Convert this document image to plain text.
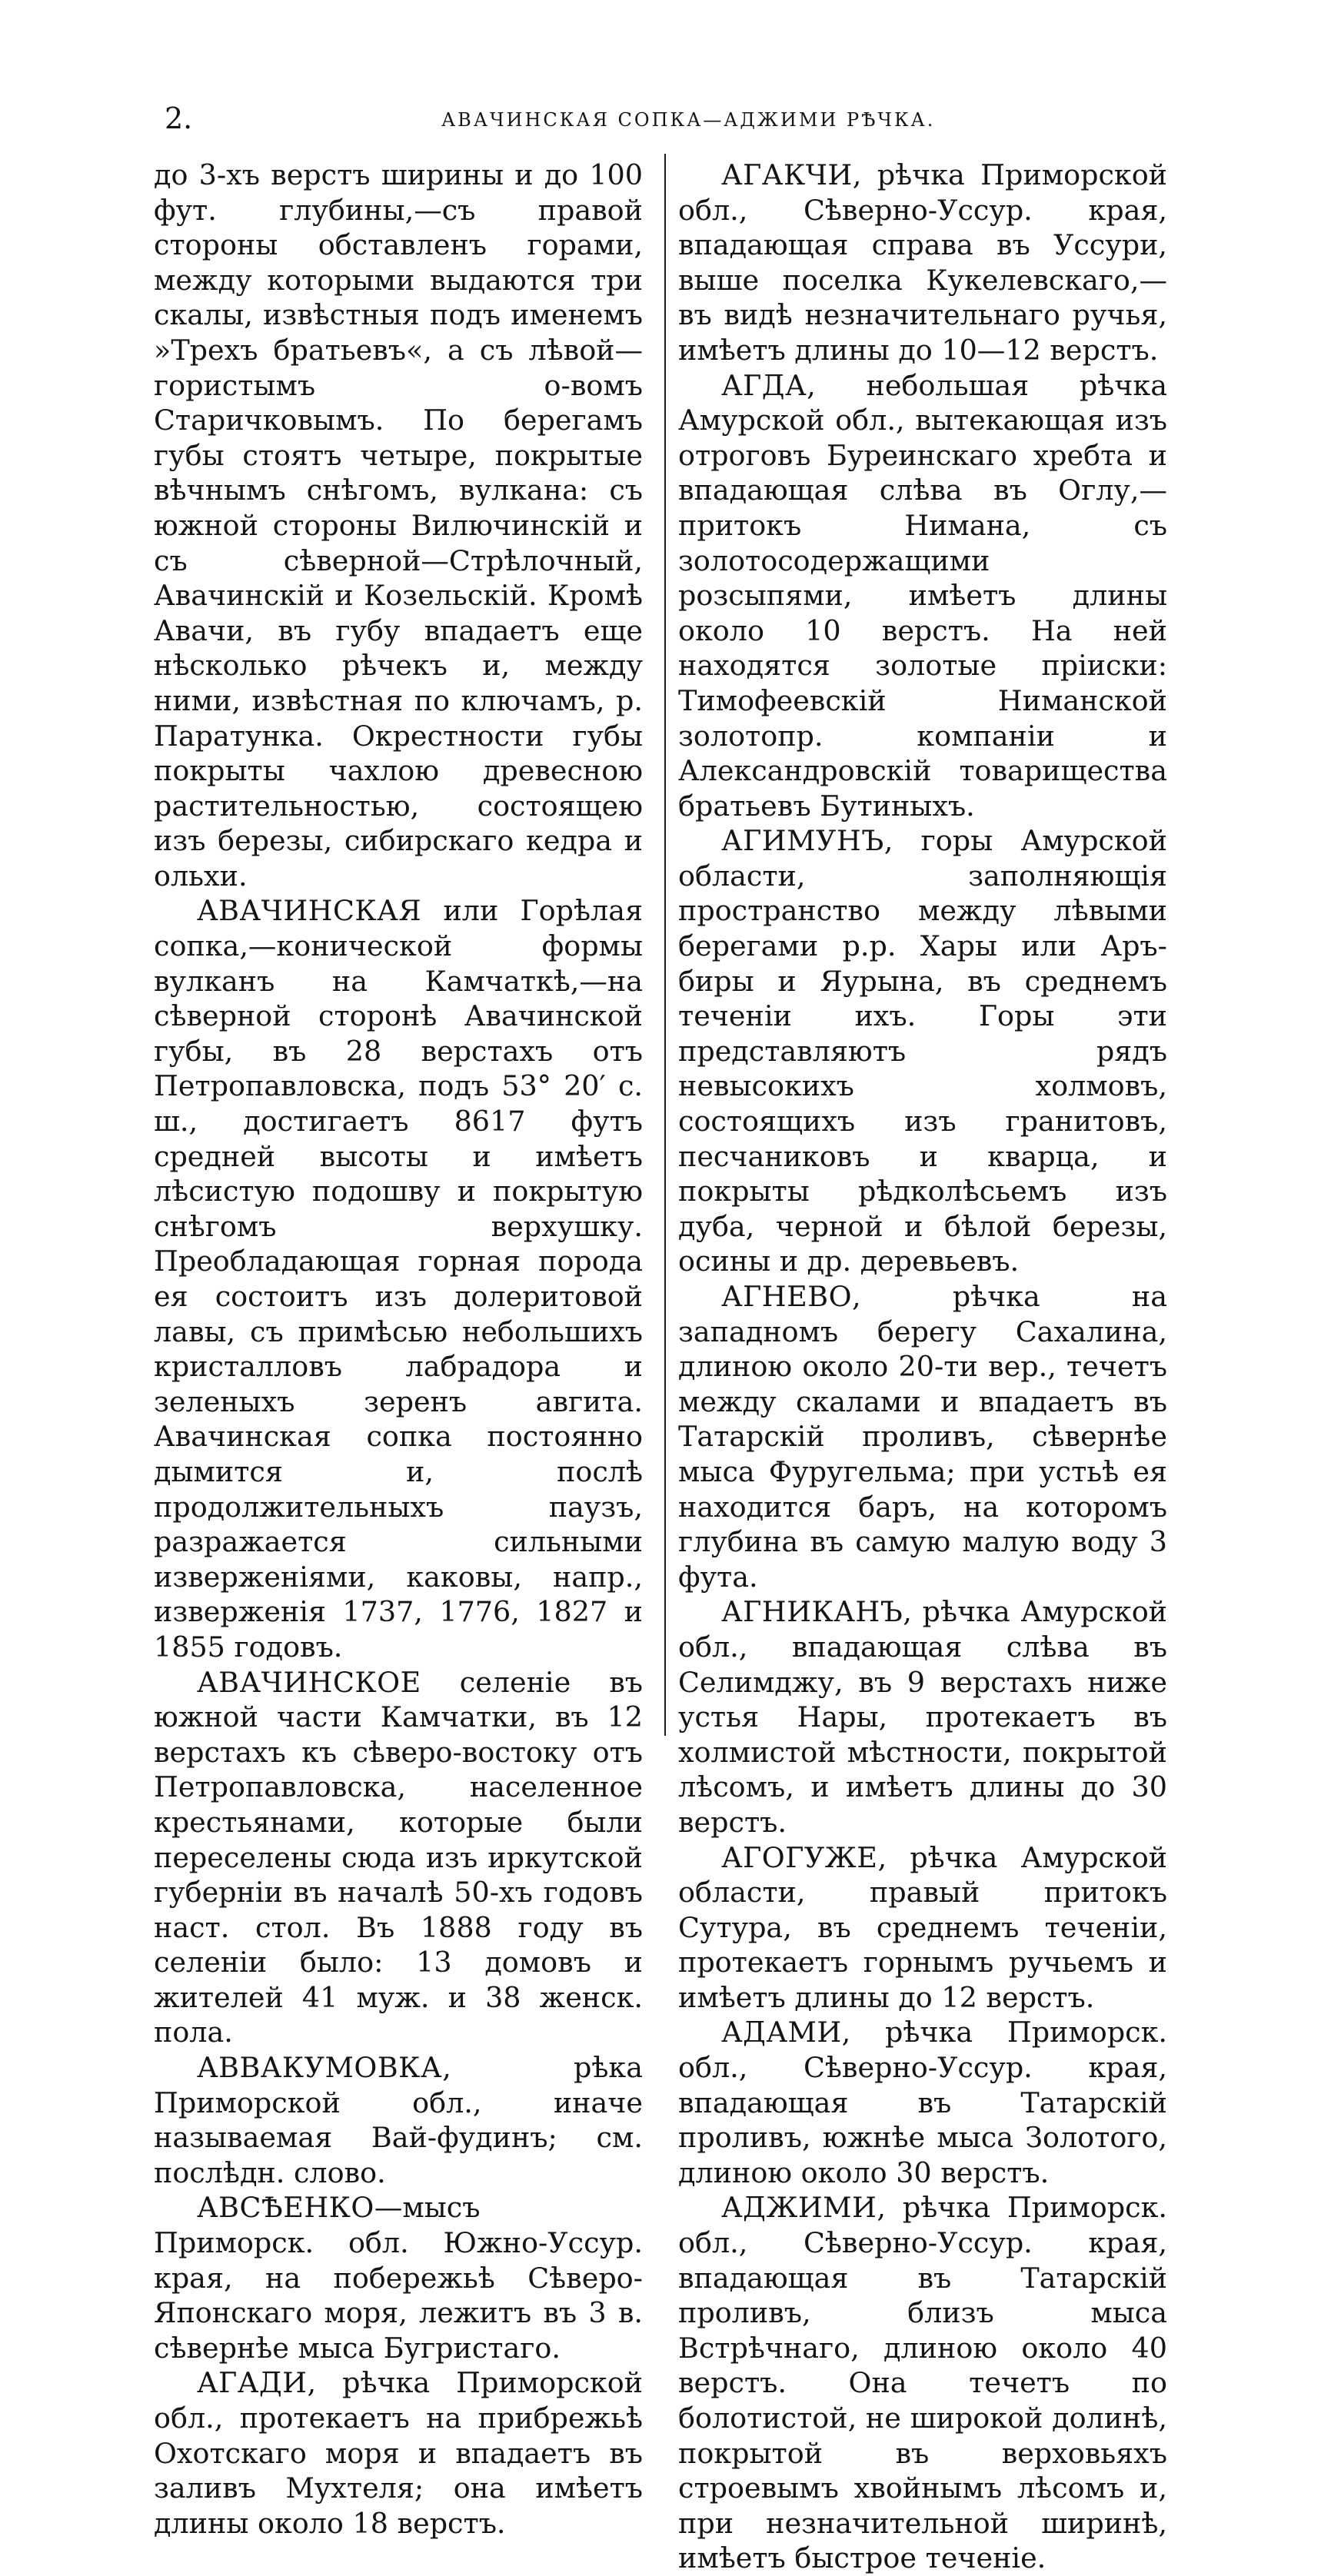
2.	АВАЧИНСКАЯ СОПКА—АДЖИМИ РѢЧКА.

до 3-хъ верстъ ширины и до 100 фут. глубины,—съ правой стороны обставленъ горами, между которыми выдаются три скалы, извѣстныя подъ именемъ »Трехъ братьевъ«, а съ лѣвой—гористымъ о-вомъ Старичковымъ. По берегамъ губы стоятъ четыре, покрытые вѣчнымъ снѣгомъ, вулкана: съ южной стороны Вилючинскій и съ сѣверной—Стрѣлочный, Авачинскій и Козельскій. Кромѣ Авачи, въ губу впадаетъ еще нѣсколько рѣчекъ и, между ними, извѣстная по ключамъ, р. Паратунка. Окрестности губы покрыты чахлою древесною растительностью, состоящею изъ березы, сибирскаго кедра и ольхи.

АВАЧИНСКАЯ или Горѣлая сопка,—конической формы вулканъ на Камчаткѣ,—на сѣверной сторонѣ Авачинской губы, въ 28 верстахъ отъ Петропавловска, подъ 53° 20′ с. ш., достигаетъ 8617 футъ средней высоты и имѣетъ лѣсистую подошву и покрытую снѣгомъ верхушку. Преобладающая горная порода ея состоитъ изъ долеритовой лавы, съ примѣсью небольшихъ кристалловъ лабрадора и зеленыхъ зеренъ авгита. Авачинская сопка постоянно дымится и, послѣ продолжительныхъ паузъ, разражается сильными изверженіями, каковы, напр., изверженія 1737, 1776, 1827 и 1855 годовъ.

АВАЧИНСКОЕ селеніе въ южной части Камчатки, въ 12 верстахъ къ сѣверо-востоку отъ Петропавловска, населенное крестьянами, которые были переселены сюда изъ иркутской губерніи въ началѣ 50-хъ годовъ наст. стол. Въ 1888 году въ селеніи было: 13 домовъ и жителей 41 муж. и 38 женск. пола.

АВВАКУМОВКА, рѣка Приморской обл., иначе называемая Вай-фудинъ; см. послѣдн. слово.

АВСѢЕНКО—мысъ Приморск. обл. Южно-Уссур. края, на побережьѣ Сѣверо-Японскаго моря, лежитъ въ 3 в. сѣвернѣе мыса Бугристаго.

АГАДИ, рѣчка Приморской обл., протекаетъ на прибрежьѣ Охотскаго моря и впадаетъ въ заливъ Мухтеля; она имѣетъ длины около 18 верстъ.

АГАКЧИ, рѣчка Приморской обл., Сѣверно-Уссур. края, впадающая справа въ Уссури, выше поселка Кукелевскаго,—въ видѣ незначительнаго ручья, имѣетъ длины до 10—12 верстъ.

АГДА, небольшая рѣчка Амурской обл., вытекающая изъ отроговъ Буреинскаго хребта и впадающая слѣва въ Оглу,—притокъ Нимана, съ золотосодержащими розсыпями, имѣетъ длины около 10 верстъ. На ней находятся золотые пріиски: Тимофеевскій Ниманской золотопр. компаніи и Александровскій товарищества братьевъ Бутиныхъ.

АГИМУНЪ, горы Амурской области, заполняющія пространство между лѣвыми берегами р.р. Хары или Аръ-биры и Яурына, въ среднемъ теченіи ихъ. Горы эти представляютъ рядъ невысокихъ холмовъ, состоящихъ изъ гранитовъ, песчаниковъ и кварца, и покрыты рѣдколѣсьемъ изъ дуба, черной и бѣлой березы, осины и др. деревьевъ.

АГНЕВО, рѣчка на западномъ берегу Сахалина, длиною около 20-ти вер., течетъ между скалами и впадаетъ въ Татарскій проливъ, сѣвернѣе мыса Фуругельма; при устьѣ ея находится баръ, на которомъ глубина въ самую малую воду 3 фута.

АГНИКАНЪ, рѣчка Амурской обл., впадающая слѣва въ Селимджу, въ 9 верстахъ ниже устья Нары, протекаетъ въ холмистой мѣстности, покрытой лѣсомъ, и имѣетъ длины до 30 верстъ.

АГОГУЖЕ, рѣчка Амурской области, правый притокъ Сутура, въ среднемъ теченіи, протекаетъ горнымъ ручьемъ и имѣетъ длины до 12 верстъ.

АДАМИ, рѣчка Приморск. обл., Сѣверно-Уссур. края, впадающая въ Татарскій проливъ, южнѣе мыса Золотого, длиною около 30 верстъ.

АДЖИМИ, рѣчка Приморск. обл., Сѣверно-Уссур. края, впадающая въ Татарскій проливъ, близъ мыса Встрѣчнаго, длиною около 40 верстъ. Она течетъ по болотистой, не широкой долинѣ, покрытой въ верховьяхъ строевымъ хвойнымъ лѣсомъ и, при незначительной ширинѣ, имѣетъ быстрое теченіе.
